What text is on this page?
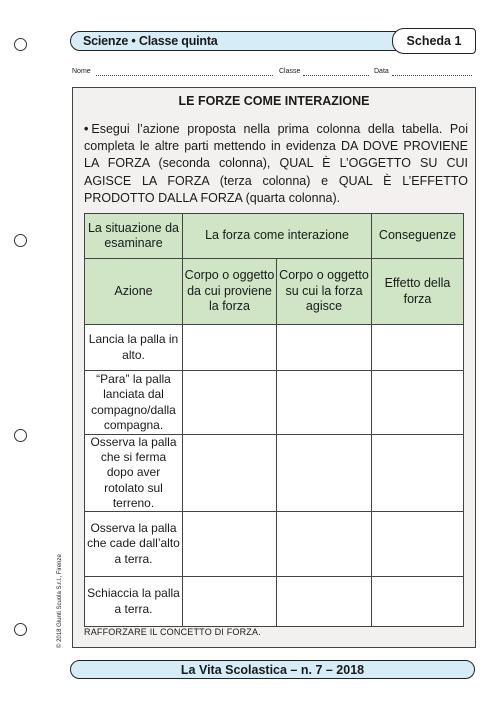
Scienze • Classe quinta	Scheda 1
Nome	Classe	Data
LE FORZE COME INTERAZIONE

• Esegui l’azione proposta nella prima colonna della tabella. Poi completa le altre parti mettendo in evidenza DA DOVE PROVIENE LA FORZA (seconda colonna), QUAL È L’OGGETTO SU CUI AGISCE LA FORZA (terza colonna) e QUAL È L’EFFETTO PRODOTTO DALLA FORZA (quarta colonna).

La situazione da esaminare	La forza come interazione		Conseguenze
Azione	Corpo o oggetto da cui proviene la forza	Corpo o oggetto su cui la forza agisce	Effetto della forza
Lancia la palla in alto.			
“Para” la palla lanciata dal compagno/dalla compagna.			
Osserva la palla che si ferma dopo aver rotolato sul terreno.			
Osserva la palla che cade dall’alto a terra.			
Schiaccia la palla a terra.			
RAFFORZARE IL CONCETTO DI FORZA.
© 2018 Giunti Scuola S.r.l., Firenze
La Vita Scolastica – n. 7 – 2018
